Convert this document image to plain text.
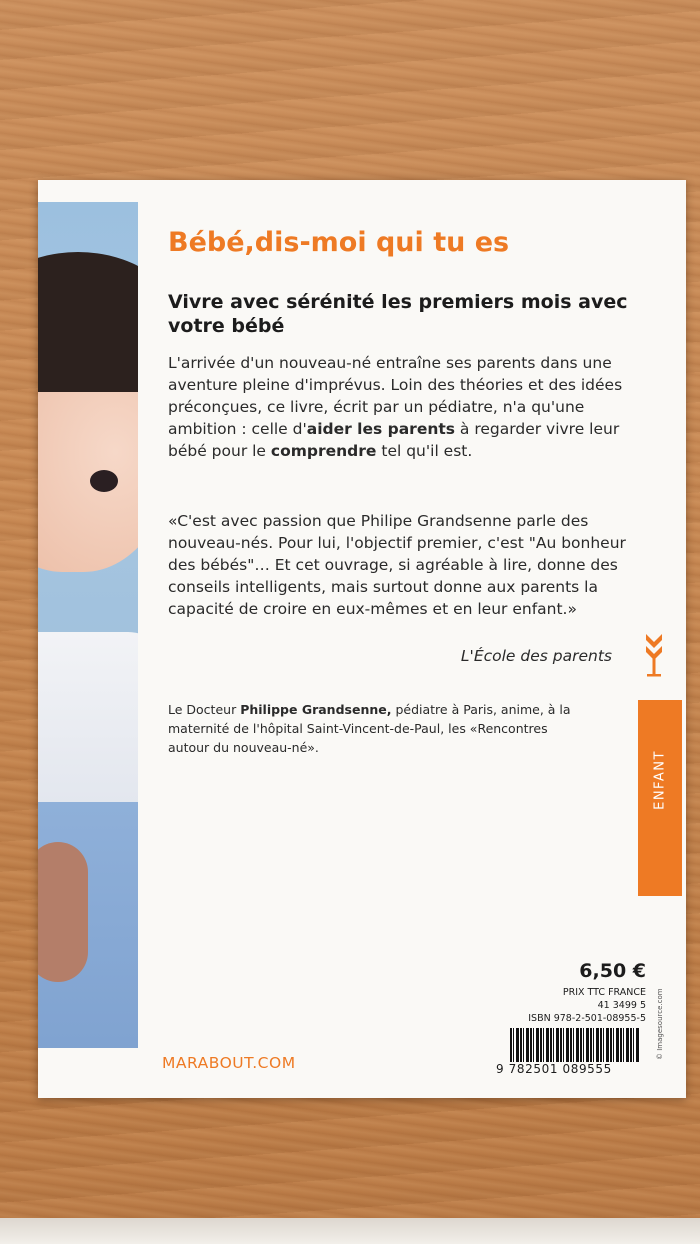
Bébé,dis-moi qui tu es
Vivre avec sérénité les premiers mois avec votre bébé

L'arrivée d'un nouveau-né entraîne ses parents dans une aventure pleine d'imprévus. Loin des théories et des idées préconçues, ce livre, écrit par un pédiatre, n'a qu'une ambition : celle d'aider les parents à regarder vivre leur bébé pour le comprendre tel qu'il est.

«C'est avec passion que Philipe Grandsenne parle des nouveau-nés. Pour lui, l'objectif premier, c'est "Au bonheur des bébés"… Et cet ouvrage, si agréable à lire, donne des conseils intelligents, mais surtout donne aux parents la capacité de croire en eux-mêmes et en leur enfant.»

L'École des parents

Le Docteur Philippe Grandsenne, pédiatre à Paris, anime, à la maternité de l'hôpital Saint-Vincent-de-Paul, les «Rencontres autour du nouveau-né».

ENFANT

6,50 €

PRIX TTC FRANCE
41 3499 5
ISBN 978-2-501-08955-5

9 782501 089555

© Imagesource.com

MARABOUT.COM
